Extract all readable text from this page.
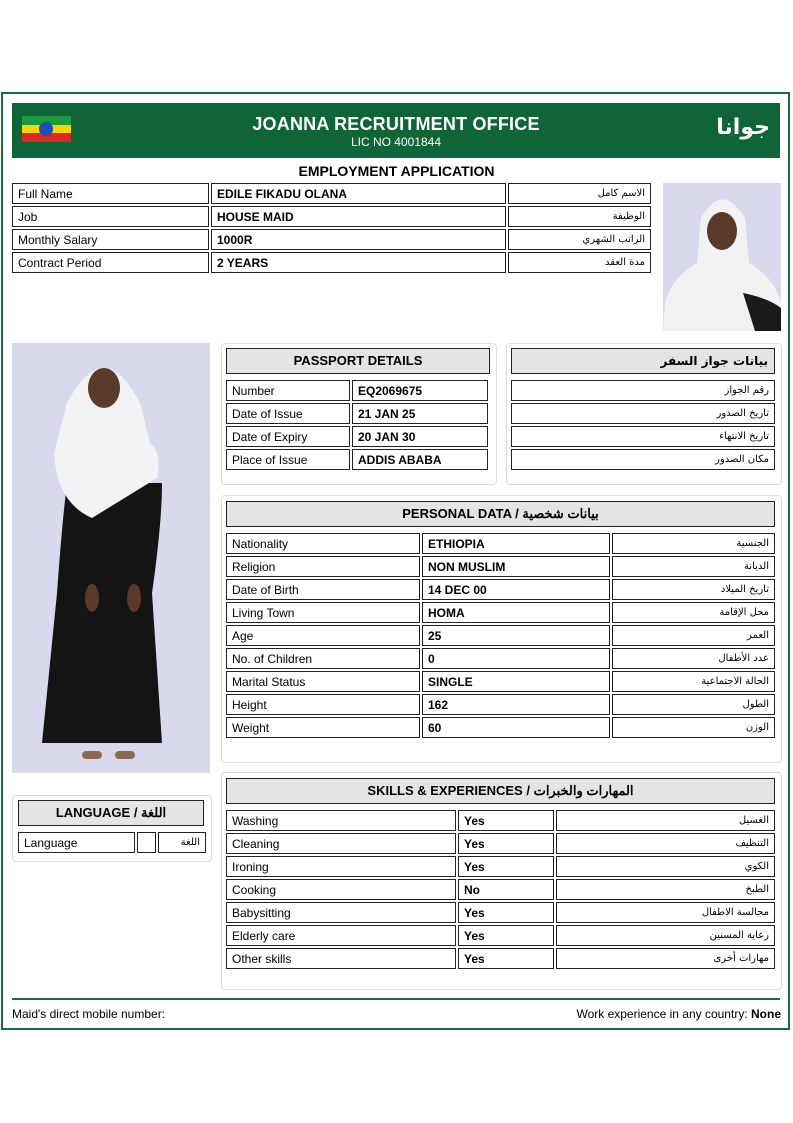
JOANNA RECRUITMENT OFFICE
LIC NO 4001844
جوانا
EMPLOYMENT APPLICATION
Full Name	EDILE FIKADU OLANA	الاسم كامل
Job	HOUSE MAID	الوظيفة
Monthly Salary	1000R	الراتب الشهري
Contract Period	2 YEARS	مدة العقد
PASSPORT DETAILS
Number	EQ2069675
Date of Issue	21 JAN 25
Date of Expiry	20 JAN 30
Place of Issue	ADDIS ABABA
بيانات جواز السفر
رقم الجواز
تاريخ الصدور
تاريخ الانتهاء
مكان الصدور
PERSONAL DATA / بيانات شخصية
Nationality	ETHIOPIA	الجنسية
Religion	NON MUSLIM	الديانة
Date of Birth	14 DEC 00	تاريخ الميلاد
Living Town	HOMA	محل الإقامة
Age	25	العمر
No. of Children	0	عدد الأطفال
Marital Status	SINGLE	الحالة الاجتماعية
Height	162	الطول
Weight	60	الوزن
LANGUAGE / اللغة
Language		اللغة
SKILLS & EXPERIENCES / المهارات والخبرات
Washing	Yes	الغسيل
Cleaning	Yes	التنظيف
Ironing	Yes	الكوي
Cooking	No	الطبخ
Babysitting	Yes	مجالسة الاطفال
Elderly care	Yes	رعاية المسنين
Other skills	Yes	مهارات أخرى
Maid's direct mobile number:	Work experience in any country: None
